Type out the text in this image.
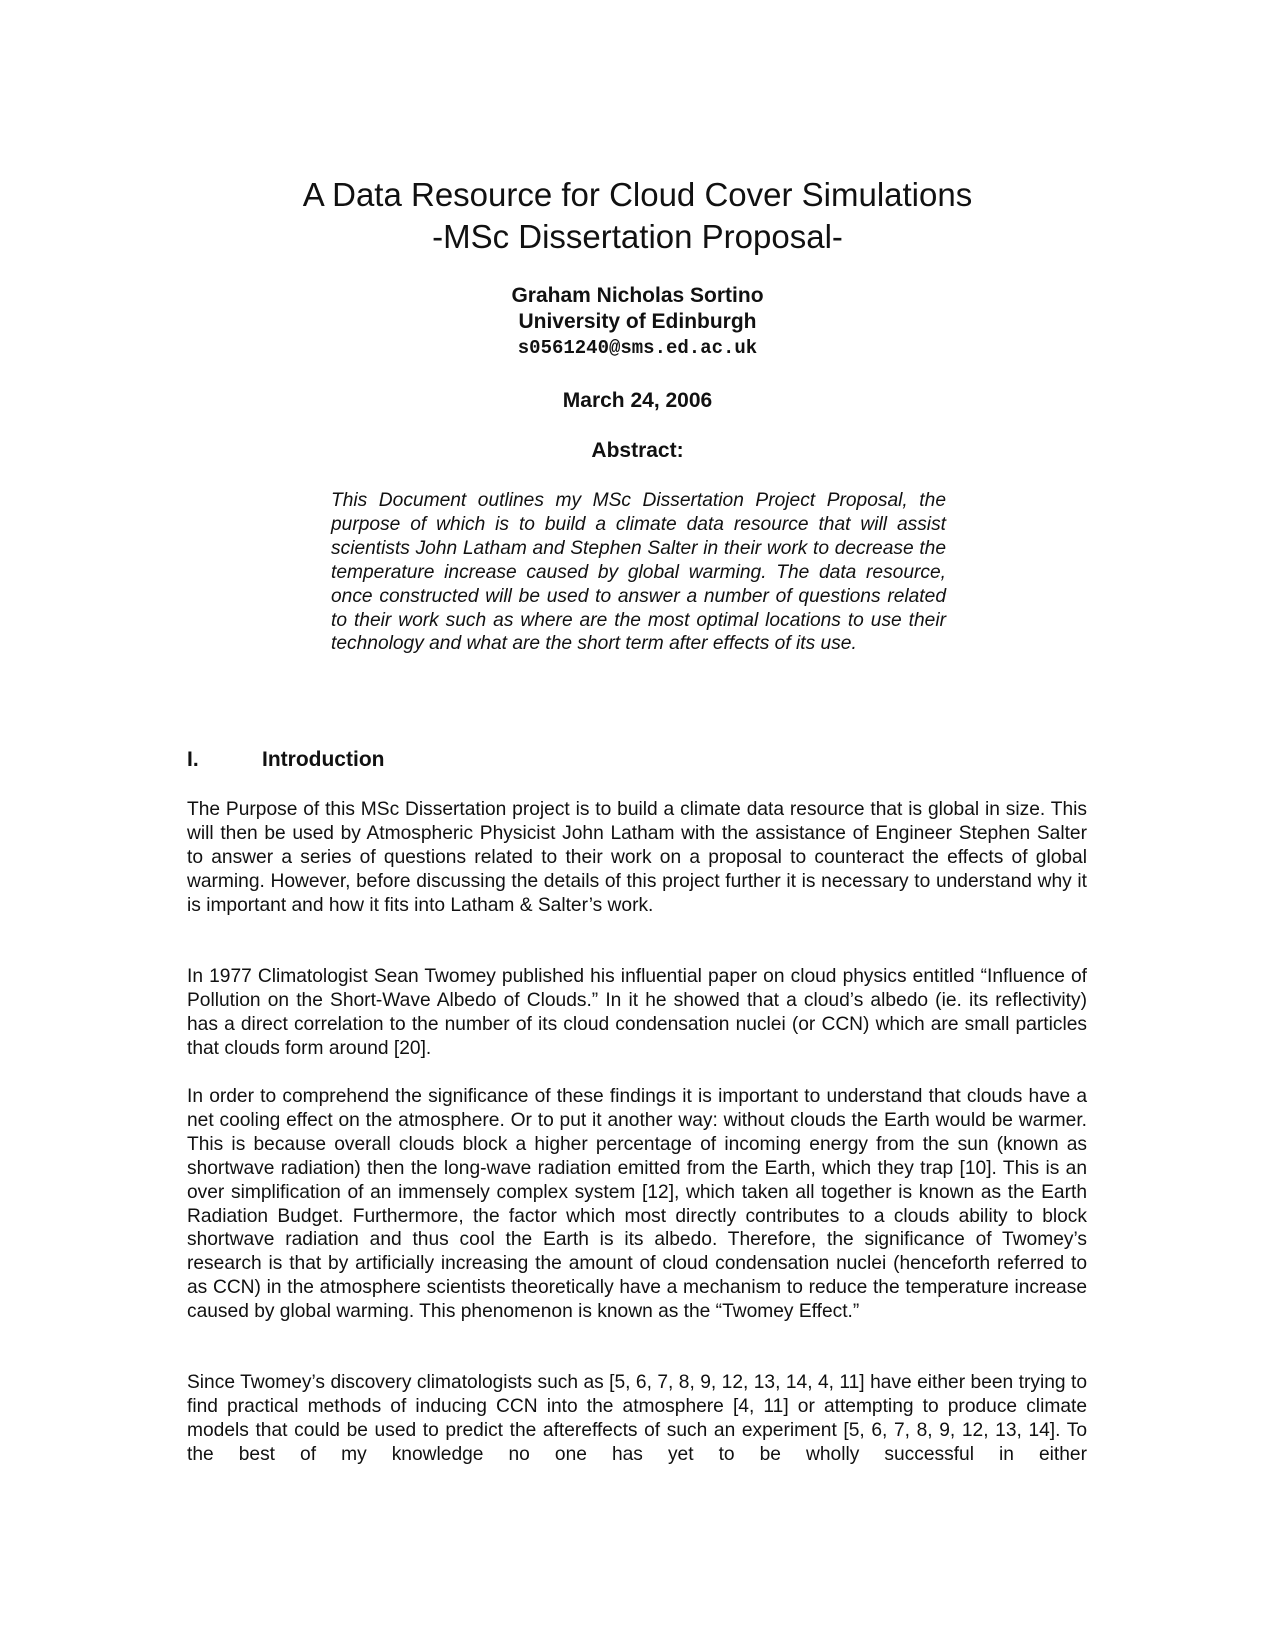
A Data Resource for Cloud Cover Simulations
-MSc Dissertation Proposal-
Graham Nicholas Sortino
University of Edinburgh
s0561240@sms.ed.ac.uk
March 24, 2006
Abstract:

This Document outlines my MSc Dissertation Project Proposal, the purpose of which is to build a climate data resource that will assist scientists John Latham and Stephen Salter in their work to decrease the temperature increase caused by global warming. The data resource, once constructed will be used to answer a number of questions related to their work such as where are the most optimal locations to use their technology and what are the short term after effects of its use.

I.	Introduction

The Purpose of this MSc Dissertation project is to build a climate data resource that is global in size. This will then be used by Atmospheric Physicist John Latham with the assistance of Engineer Stephen Salter to answer a series of questions related to their work on a proposal to counteract the effects of global warming. However, before discussing the details of this project further it is necessary to understand why it is important and how it fits into Latham & Salter’s work.

In 1977 Climatologist Sean Twomey published his influential paper on cloud physics entitled “Influence of Pollution on the Short-Wave Albedo of Clouds.” In it he showed that a cloud’s albedo (ie. its reflectivity) has a direct correlation to the number of its cloud condensation nuclei (or CCN) which are small particles that clouds form around [20].

In order to comprehend the significance of these findings it is important to understand that clouds have a net cooling effect on the atmosphere. Or to put it another way: without clouds the Earth would be warmer. This is because overall clouds block a higher percentage of incoming energy from the sun (known as shortwave radiation) then the long-wave radiation emitted from the Earth, which they trap [10]. This is an over simplification of an immensely complex system [12], which taken all together is known as the Earth Radiation Budget. Furthermore, the factor which most directly contributes to a clouds ability to block shortwave radiation and thus cool the Earth is its albedo. Therefore, the significance of Twomey’s research is that by artificially increasing the amount of cloud condensation nuclei (henceforth referred to as CCN) in the atmosphere scientists theoretically have a mechanism to reduce the temperature increase caused by global warming. This phenomenon is known as the “Twomey Effect.”

Since Twomey’s discovery climatologists such as [5, 6, 7, 8, 9, 12, 13, 14, 4, 11] have either been trying to find practical methods of inducing CCN into the atmosphere [4, 11] or attempting to produce climate models that could be used to predict the aftereffects of such an experiment [5, 6, 7, 8, 9, 12, 13, 14]. To the best of my knowledge no one has yet to be wholly successful in either
